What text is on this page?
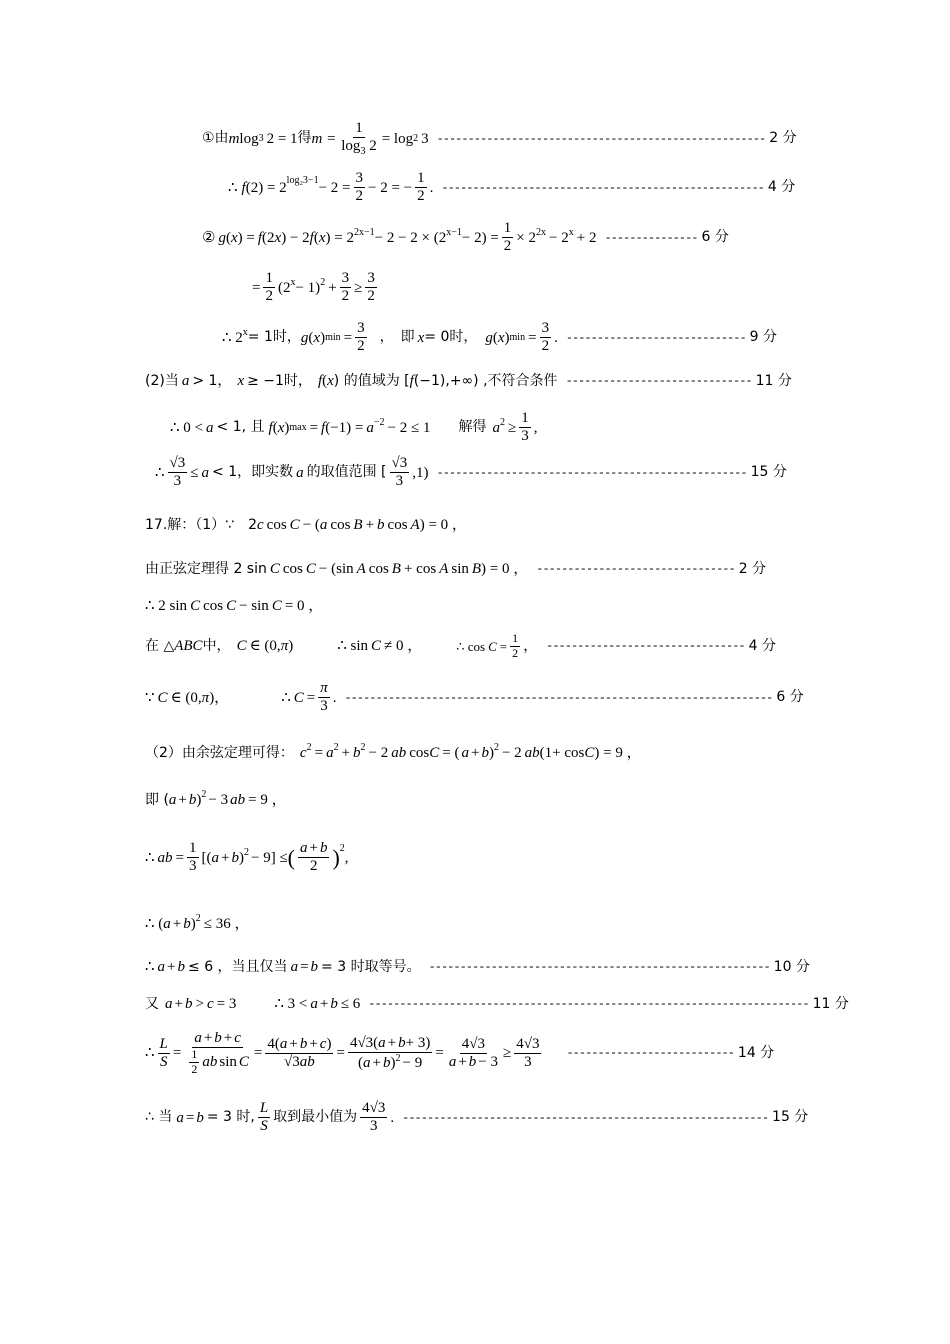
①由 m log 3 2 = 1 得 $m = \frac{1}{\log_3 2} = \log 2$ 3 ----------------------------------------------------- 2 分
∴ f $(2) = 2^{log_23-1} - 2 = \frac{3}{2} - 2$ = − $\frac{1}{2}$ . ---------------------------------------------------- 4 分
② g ( x ) = f (2 x ) − 2 f ( x ) = $2^{2x-1} - 2 - 2 \times (2^{x-1} - 2) = \frac{1}{2} \times 2^{2x} - 2^x + 2$ --------------- 6 分
= $\frac{1}{2} (2^x - 1)^2 + \frac{3}{2} \ge \frac{3}{2}$
∴ $2^x = 1$时， g ( x ) $\min = \frac{3}{2}$ ，　即 x = 0时， g ( x ) $\min = \frac{3}{2}$ . ----------------------------- 9 分
(2)当 a > 1， x ≥ −1时， f ( x ) 的值域为 [ f (−1),+∞) ,不符合条件 ------------------------------ 11 分
∴ 0 < a < 1, 且 f ( x ) max = f $(-1) = a^{-2} - 2 \le 1$ 解得 $a^2 \ge \frac{1}{3}$ ,
∴ $\frac{√3}{3} \le a < 1$，即实数 a 的取值范围 [ $\frac{√3}{3} ,1$) -------------------------------------------------- 15 分
17.解：（1）∵　2 c cos C − ( a cos B + b cos A ) = 0 ，
由正弦定理得 2 sin C cos C − (sin A cos B + cos A sin B ) = 0 ， -------------------------------- 2 分
∴ 2 sin C cos C − sin C = 0 ，
在 △ ABC 中， C ∈ (0, π )	∴ sin C ≠ 0 ，	∴ $\cos C = \frac{1}{2}$ ， -------------------------------- 4 分
∵ C ∈ (0, π )，	∴ $C = \frac{\pi}{3}$ . --------------------------------------------------------------------- 6 分
（2）由余弦定理可得： $c^2 = a^2 + b^2 - 2$ ab cos C = ( a + b )$^2$ − 2 ab (1+ cos C ) = 9 ，
即 ( a + b )$^2$ − 3 ab = 9 ，
∴ ab = $\frac{1}{3}$ [( a + b )$^2$ − 9] ≤ ( $\frac{a + b}{2} )^2$
,
∴ ( a + b )$^2$ ≤ 36 ，
∴ a + b ≤ 6 ，当且仅当 a = b = 3 时取等号。 ------------------------------------------------------- 10 分
又 a + b > c = 3	∴ 3 < a + b ≤ 6 ----------------------------------------------------------------------- 11 分
∴ $\frac{L}{S} = \frac{a + b + c}{\frac{1}{2} ab \sin C} = \frac{4(a + b + c)}{√3ab} = \frac{4√3(a + b+ 3)}{(a + b)^2 - 9} = \frac{4√3}{a + b - 3} \ge \frac{4√3}{3}$ --------------------------- 14 分
∴ 当 a = b = 3 时, $\frac{L}{S}$ 取到最小值为 $\frac{4√3}{3}$ . ----------------------------------------------------------- 15 分
